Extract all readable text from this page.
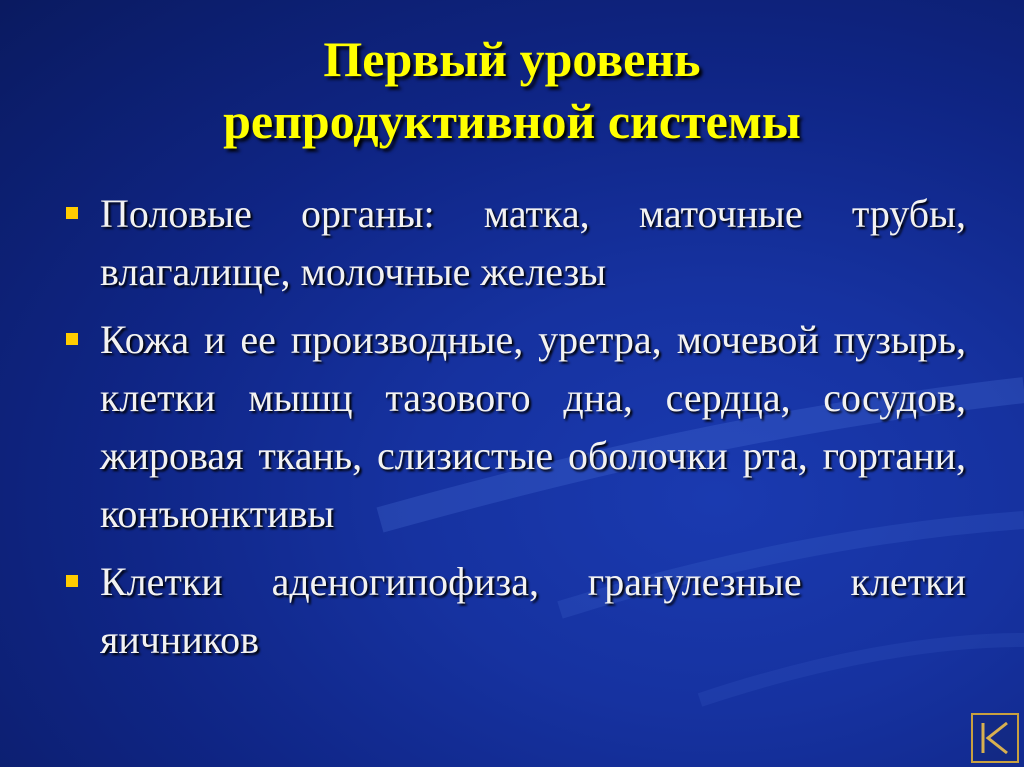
Первый уровень
репродуктивной системы
Половые органы: матка, маточные трубы, влагалище, молочные железы
Кожа и ее производные, уретра, мочевой пузырь, клетки мышц тазового дна, сердца, сосудов, жировая ткань, слизистые оболочки рта, гортани, конъюнктивы
Клетки аденогипофиза, гранулезные клетки яичников
